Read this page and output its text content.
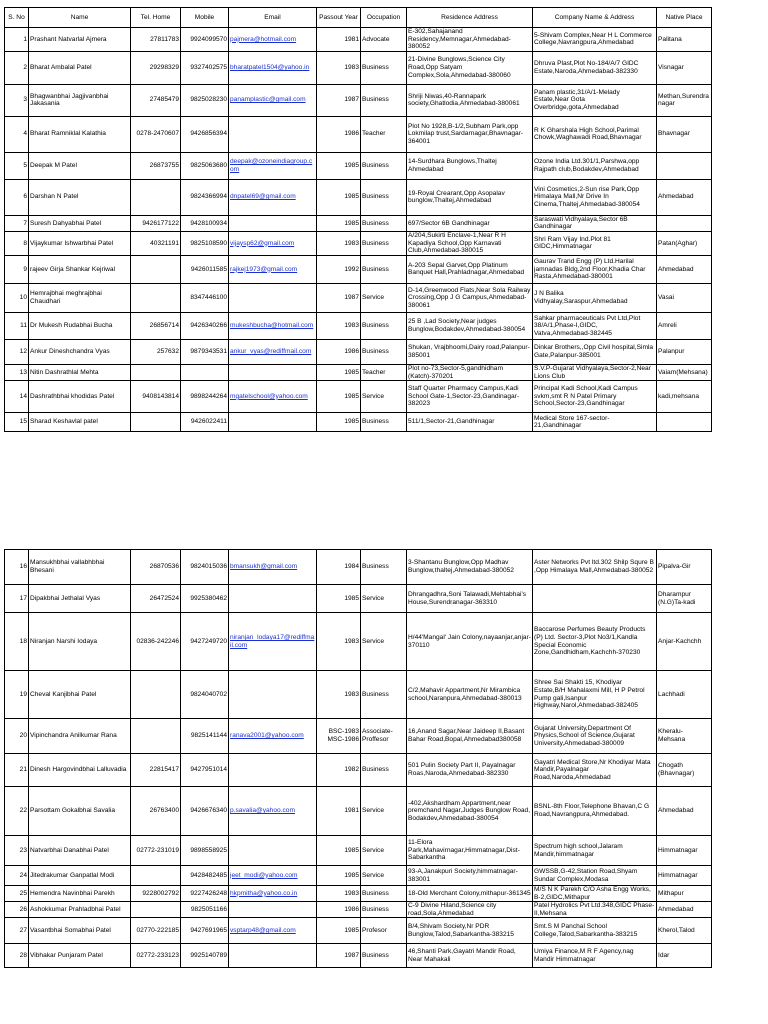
S. No	Name	Tel. Home	Mobile	Email	Passout Year	Occupation	Residence Address	Company Name & Address	Native Place
1	Prashant Natvarlal Ajmera	27811783	9924099570	pajmera@hotmail.com	1981	Advocate	E-302,Sahajanand Residency,Memnagar,Ahmedabad-380052	5-Shivam Complex,Near H L Commerce College,Navrangpura,Ahmedabad	Palitana
2	Bharat Ambalal Patel	29298329	9327402575	bharatpatel1504@yahoo.in	1983	Business	21-Divine Bunglows,Science City Road,Opp Satyam Complex,Sola,Ahmedabad-380060	Dhruva Plast,Plot No-184/A/7 GIDC Estate,Naroda,Ahmedabad-382330	Visnagar
3	Bhagwanbhai Jagjivanbhai Jakasania	27485479	9825028230	panamplastic@gmail.com	1987	Business	Shriji Niwas,40-Rannapark society,Ghatlodia,Ahmedabad-380061	Panam plastic,31/A/1-Melady Estate,Near Gota Overbridge,gota,Ahmedabad	Methan,Surendranagar
4	Bharat Ramniklal Kalathia	0278-2470607	9426856394		1986	Teacher	Plot No 1928,B-1/2,Subham Park,opp Lokmilap trust,Sardarnagar,Bhavnagar-364001	R K Gharshala High School,Parimal Chowk,Waghawadi Road,Bhavnagar	Bhavnagar
5	Deepak M Patel	26873755	9825063680	deepak@ozoneindiagroup.com	1985	Business	14-Surdhara Bunglows,Thaltej Ahmedabad	Ozone India Ltd.301/1,Parshwa,opp Rajpath club,Bodakdev,Ahmedabad	
6	Darshan N Patel		9824366994	dnpatel69@gmail.com	1985	Business	19-Royal Crearant,Opp Asopalav bunglow,Thaltej,Ahmedabad	Vini Cosmetics,2-Sun rise Park,Opp Himalaya Mall,Nr Drive In Cinema,Thaltej,Ahmedabad-380054	Ahmedabad
7	Suresh Dahyabhai Patel	9426177122	9428100934		1985	Business	697/Sector 6B Gandhinagar	Saraswati Vidhyalaya,Sector 6B Gandhinagar	
8	Vijaykumar Ishwarbhai Patel	40321191	9825108590	vijaysp62@gmail.com	1983	Business	A/204,Sukirti Enclave-1,Near R H Kapadiya School,Opp Karnavati Club,Ahmedabad-380015	Shri Ram Vijay Ind.Plot 81 GIDC,Himmatnagar	Patan(Aghar)
9	rajeev Girja Shankar Kejriwal		9426011585	rajkej1973@gmail.com	1992	Business	A-203 Sepal Garvet,Opp Platinum Banquet Hall,Prahladnagar,Ahmedabad	Gaurav Trand Engg (P) Ltd.Harilal jamnadas Bldg,2nd Floor,Khadia Char Rasta,Ahmedabad-380001	Ahmedabad
10	Hemrajbhai meghrajbhai Chaudhari		8347446100		1987	Service	D-14,Greenwood Flats,Near Sola Railway Crossing,Opp J G Campus,Ahmedabad-380061	J N Balika Vidhyalay,Saraspur,Ahmedabad	Vasai
11	Dr Mukesh Rudabhai Bucha	26856714	9426340266	mukeshbucha@hotmail.com	1983	Business	25 B ,Lad Society,Near judges Bunglow,Bodakdev,Ahmedabad-380054	Sahkar pharmaceuticals Pvt Ltd,Plot 38/A/1,Phase-I,GIDC, Vatva,Ahmedabad-382445	Amreli
12	Ankur Dineshchandra Vyas	257632	9879343531	ankur_vyas@rediffmail.com	1986	Business	Shukan, Vrajbhoomi,Dairy road,Palanpur-385001	Dinkar Brothers,,Opp Civil hospital,Simla Gate,Palanpur-385001	Palanpur
13	Nitin Dashrathlal Mehta				1985	Teacher	Plot no-73,Sector-5,gandhidham (Katch)-370201	S.V.P-Gujarat Vidhyalaya,Sector-2,Near Lions Club	Vaiam(Mehsana)
14	Dashrathbhai khodidas Patel	9408143814	9898244264	mgatelschool@yahoo.com	1985	Service	Staff Quarter Pharmacy Campus,Kadi School Gate-1,Sector-23,Gandinagar-382023	Principal Kadi School,Kadi Campus svkm,smt R N Patel Primary School,Sector-23,Gandhinagar	kadi,mehsana
15	Sharad Keshavlal patel		9426022411		1985	Business	511/1,Sector-21,Gandhinagar	Medical Store 167-sector-21,Gandhinagar	
16	Mansukhbhai vallabhbhai Bhesani	26870536	9824015036	bmansukh@gmail.com	1984	Business	3-Shantanu Bunglow,Opp Madhav Bunglow,thaltej,Ahmedabad-380052	Aster Networks Pvt ltd.302 Shilp Squre B ,Opp Himalaya Mall,Ahmedabad-380052	Pipalva-Gir
17	Dipakbhai Jethalal Vyas	26472524	9925380462		1985	Service	Dhrangadhra,Soni Talawadi,Mehtabhai's House,Surendranagar-363310		Dharampur (N.G)Ta-kadi
18	Niranjan Narshi Iodaya	02836-242246	9427249720	niranjan_lodaya17@rediffmail.com	1983	Service	H/44'Mangal' Jain Colony,nayaanjar,anjar-370110	Baccarose Perfumes Beauty Products (P) Ltd. Sector-3,Plot No3/1,Kandla Special Economic Zone,Gandhidham,Kachchh-370230	Anjar-Kachchh
19	Cheval Kanjibhai Patel		9824040702		1983	Business	C/2,Mahavir Appartment,Nr Mirambica school,Naranpura,Ahmedabad-380013	Shree Sai Shakti 15, Khodiyar Estate,B/H Mahalaxmi Mill, H P Petrol Pump gali,Isanpur Highway,Narol,Ahmedabad-382405	Lachhadi
20	Vipinchandra Anilkumar Rana		9825141144	ranava2001@yahoo.com	BSC-1983 MSC-1986	Associate-Proffesor	16,Anand Sagar,Near Jaideep II,Basant Bahar Road,Bopal,Ahmedabad380058	Gujarat University,Department Of Physics,School of Science,Gujarat University,Ahmedabad-380009	Kheralu-Mehsana
21	Dinesh Hargovindbhai Lalluvadia	22815417	9427951014		1982	Business	501 Pulin Society Part II, Payalnagar Roas,Naroda,Ahmedabad-382330	Gayatri Medical Store,Nr Khodiyar Mata Mandir,Payalnagar Road,Naroda,Ahmedabad	Chogath (Bhavnagar)
22	Parsottam Gokalbhai Savalia	26763400	9426676340	p.savalia@yahoo.com	1981	Service	-402,Akshardham Appartment,near premchand Nagar,Judges Bunglow Road, Bodakdev,Ahmedabad-380054	BSNL-8th Floor,Telephone Bhavan,C G Road,Navrangpura,Ahmedabad.	Ahmedabad
23	Natvarbhai Danabhai Patel	02772-231019	9898558925		1985	Service	11-Elora Park,Mahavirnagar,Himmatnagar,Dist-Sabarkantha	Spectrum high school,Jalaram Mandir,himmatnagar	Himmatnagar
24	Jitedrakumar Ganpatlal Modi		9428482485	jeet_modi@yahoo.com	1985	Service	93-A,Janakpuri Society,himmatnagar-383001	GWSSB,G-42,Station Road,Shyam Sundar Complex,Modasa	Himmatnagar
25	Hemendra Navinbhai Parekh	9228002792	9227426248	hkpmitha@yahoo.co.in	1983	Business	18-Old Merchant Colony,mithapur-361345	M/S N K Parekh C/O Asha Engg Works, B-2,GIDC,Mithapur	Mithapur
26	Ashokkumar Prahladbhai Patel		9825051166		1986	Business	C-9 Divine Hiland,Science city road,Sola,Ahmedabad	Patel Hydrolics Pvt Ltd.348,GIDC Phase-II,Mehsana	Ahmedabad
27	Vasantbhai Somabhai Patel	02770-222185	9427691965	vsptarp48@gmail.com	1985	Profesor	B/4,Shivam Society,Nr PDR Bunglow,Talod,Sabarkantha-383215	Smt.S M Panchal School College,Talod,Sabarkantha-383215	Kherol,Talod
28	Vibhakar Punjaram Patel	02772-233123	9925140789		1987	Business	46,Shanti Park,Gayatri Mandir Road, Near Mahakali	Umiya Finance,M R F Agency,nag Mandir Himmatnagar	Idar
